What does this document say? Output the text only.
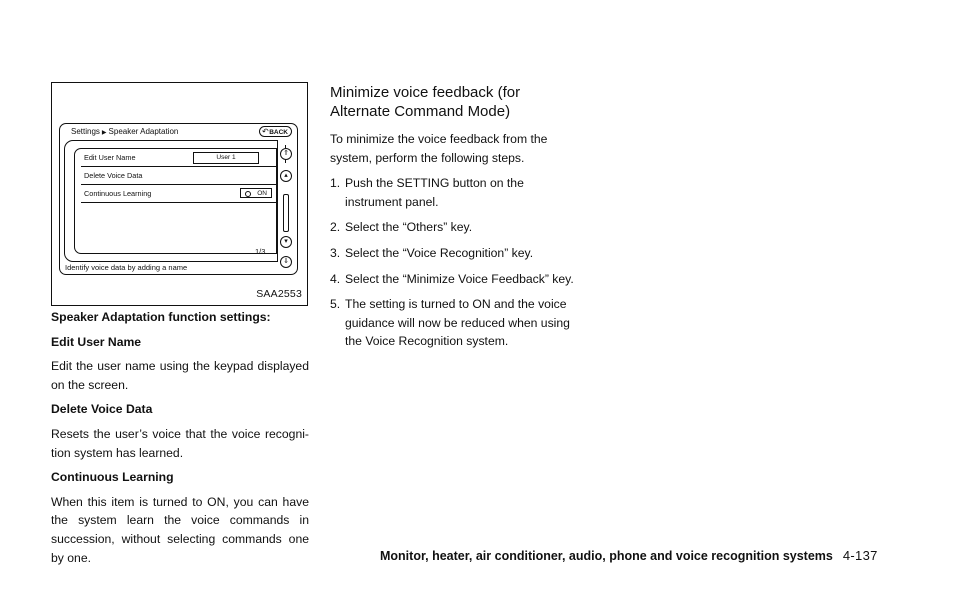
Settings ▶ Speaker Adaptation
↶	BACK
Edit User Name	User 1
Delete Voice Data
Continuous Learning	ON
1/3
⇑
▴
▾
⇓
Identify voice data by adding a name
SAA2553

Speaker Adaptation function settings:

Edit User Name

Edit the user name using the keypad displayed on the screen.

Delete Voice Data

Resets the user’s voice that the voice recogni-tion system has learned.

Continuous Learning

When this item is turned to ON, you can have the system learn the voice commands in succession, without selecting commands one by one.

Minimize voice feedback (for Alternate Command Mode)

To minimize the voice feedback from the system, perform the following steps.

1. Push the SETTING button on the instrument panel.
2. Select the “Others” key.
3. Select the “Voice Recognition” key.
4. Select the “Minimize Voice Feedback” key.
5. The setting is turned to ON and the voice guidance will now be reduced when using the Voice Recognition system.
Monitor, heater, air conditioner, audio, phone and voice recognition systems 4-137
